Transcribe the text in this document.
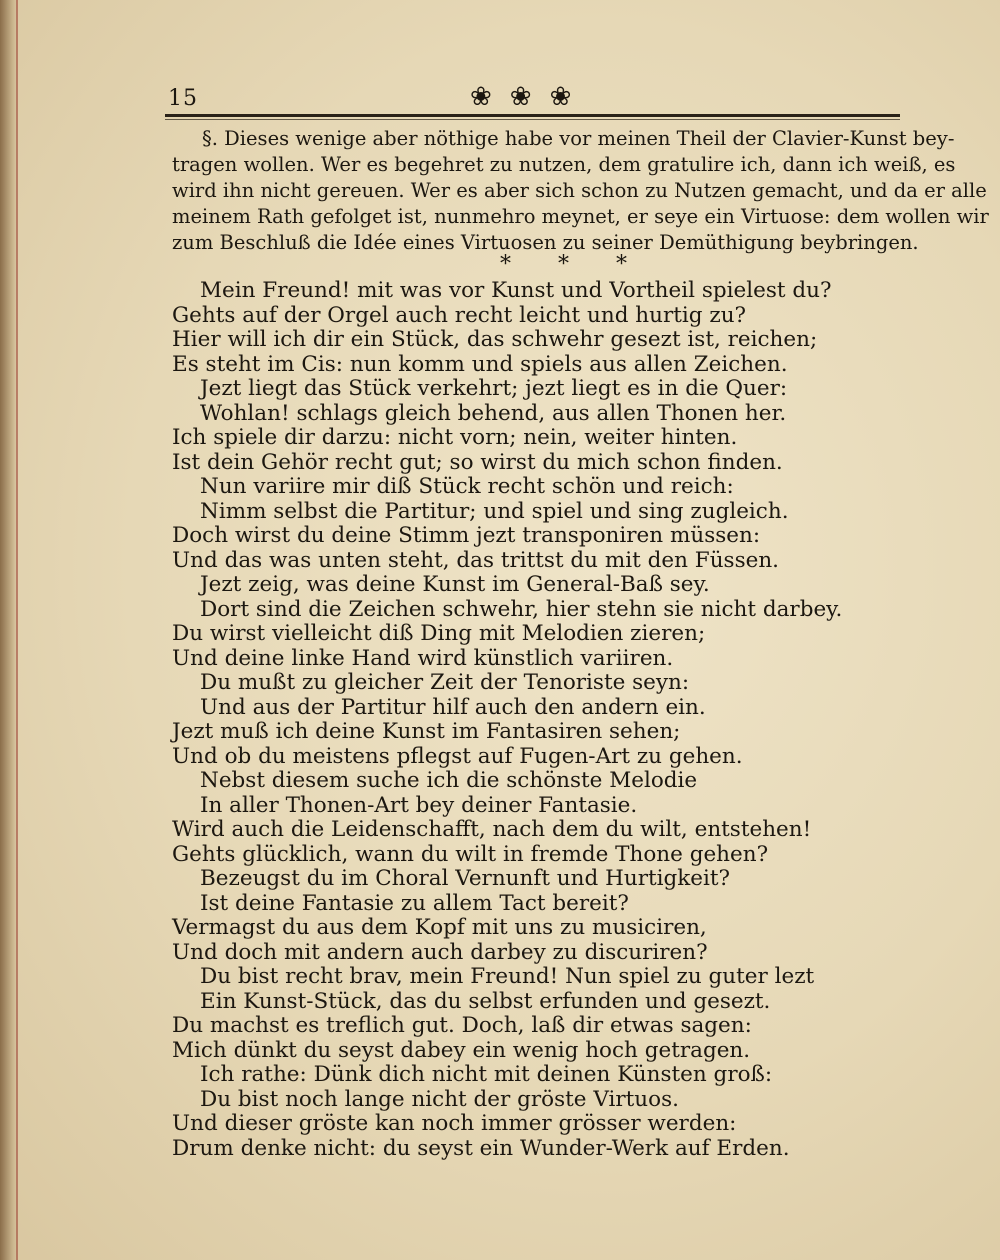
15	❀❀❀
§. Dieses wenige aber nöthige habe vor meinen Theil der Clavier-Kunst bey-
tragen wollen. Wer es begehret zu nutzen, dem gratulire ich, dann ich weiß, es
wird ihn nicht gereuen. Wer es aber sich schon zu Nutzen gemacht, und da er alle
meinem Rath gefolget ist, nunmehro meynet, er seye ein Virtuose: dem wollen wir
zum Beschluß die Idée eines Virtuosen zu seiner Demüthigung beybringen.
* * *
Mein Freund! mit was vor Kunst und Vortheil spielest du?
Gehts auf der Orgel auch recht leicht und hurtig zu?
Hier will ich dir ein Stück, das schwehr gesezt ist, reichen;
Es steht im Cis: nun komm und spiels aus allen Zeichen.
Jezt liegt das Stück verkehrt; jezt liegt es in die Quer:
Wohlan! schlags gleich behend, aus allen Thonen her.
Ich spiele dir darzu: nicht vorn; nein, weiter hinten.
Ist dein Gehör recht gut; so wirst du mich schon finden.
Nun variire mir diß Stück recht schön und reich:
Nimm selbst die Partitur; und spiel und sing zugleich.
Doch wirst du deine Stimm jezt transponiren müssen:
Und das was unten steht, das trittst du mit den Füssen.
Jezt zeig, was deine Kunst im General-Baß sey.
Dort sind die Zeichen schwehr, hier stehn sie nicht darbey.
Du wirst vielleicht diß Ding mit Melodien zieren;
Und deine linke Hand wird künstlich variiren.
Du mußt zu gleicher Zeit der Tenoriste seyn:
Und aus der Partitur hilf auch den andern ein.
Jezt muß ich deine Kunst im Fantasiren sehen;
Und ob du meistens pflegst auf Fugen-Art zu gehen.
Nebst diesem suche ich die schönste Melodie
In aller Thonen-Art bey deiner Fantasie.
Wird auch die Leidenschafft, nach dem du wilt, entstehen!
Gehts glücklich, wann du wilt in fremde Thone gehen?
Bezeugst du im Choral Vernunft und Hurtigkeit?
Ist deine Fantasie zu allem Tact bereit?
Vermagst du aus dem Kopf mit uns zu musiciren,
Und doch mit andern auch darbey zu discuriren?
Du bist recht brav, mein Freund! Nun spiel zu guter lezt
Ein Kunst-Stück, das du selbst erfunden und gesezt.
Du machst es treflich gut. Doch, laß dir etwas sagen:
Mich dünkt du seyst dabey ein wenig hoch getragen.
Ich rathe: Dünk dich nicht mit deinen Künsten groß:
Du bist noch lange nicht der gröste Virtuos.
Und dieser gröste kan noch immer grösser werden:
Drum denke nicht: du seyst ein Wunder-Werk auf Erden.
